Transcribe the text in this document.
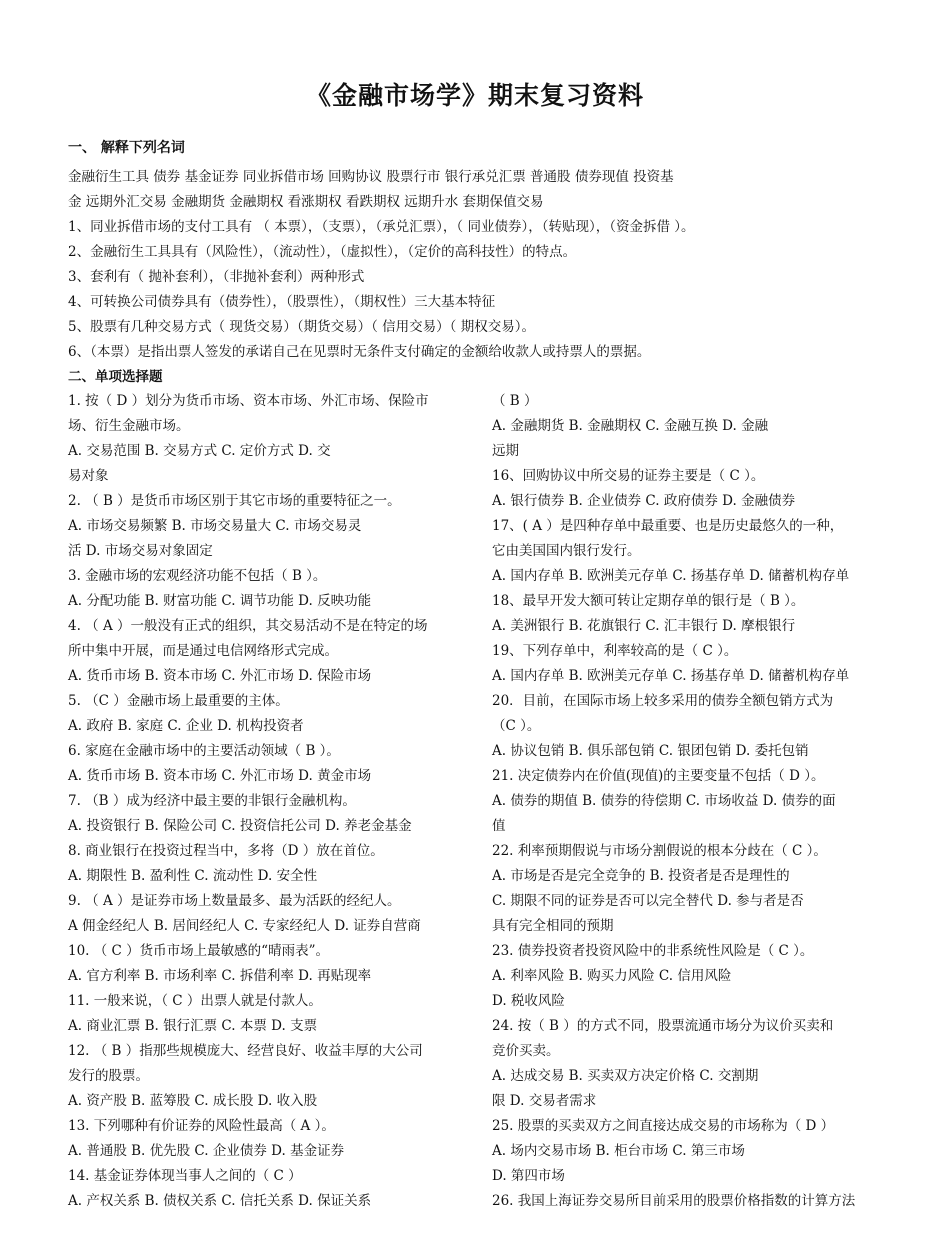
《金融市场学》期末复习资料
一、 解释下列名词
金融衍生工具 债券 基金证券 同业拆借市场 回购协议 股票行市 银行承兑汇票 普通股 债券现值 投资基
金 远期外汇交易 金融期货 金融期权 看涨期权 看跌期权 远期升水 套期保值交易
1、同业拆借市场的支付工具有 （ 本票），（支票），（承兑汇票），（ 同业债券），（转贴现），（资金拆借 ）。
2、金融衍生工具具有（风险性），（流动性），（虚拟性），（定价的高科技性）的特点。
3、套利有（ 抛补套利），（非抛补套利）两种形式
4、可转换公司债券具有（债券性），（股票性），（期权性）三大基本特征
5、股票有几种交易方式（ 现货交易）（期货交易）（ 信用交易）（ 期权交易）。
6、（本票）是指出票人签发的承诺自己在见票时无条件支付确定的金额给收款人或持票人的票据。
二、单项选择题
1. 按（ D ）划分为货币市场、资本市场、外汇市场、保险市
场、衍生金融市场。
A. 交易范围 B. 交易方式 C. 定价方式 D. 交
易对象
2. （ B ）是货币市场区别于其它市场的重要特征之一。
A. 市场交易频繁 B. 市场交易量大 C. 市场交易灵
活 D. 市场交易对象固定
3. 金融市场的宏观经济功能不包括（ B ）。
A. 分配功能 B. 财富功能 C. 调节功能 D. 反映功能
4. （ A ）一般没有正式的组织，其交易活动不是在特定的场
所中集中开展，而是通过电信网络形式完成。
A. 货币市场 B. 资本市场 C. 外汇市场 D. 保险市场
5. （C ）金融市场上最重要的主体。
A. 政府 B. 家庭 C. 企业 D. 机构投资者
6. 家庭在金融市场中的主要活动领域（ B ）。
A. 货币市场 B. 资本市场 C. 外汇市场 D. 黄金市场
7. （B ）成为经济中最主要的非银行金融机构。
A. 投资银行 B. 保险公司 C. 投资信托公司 D. 养老金基金
8. 商业银行在投资过程当中，多将（D ）放在首位。
A. 期限性 B. 盈利性 C. 流动性 D. 安全性
9. （ A ）是证券市场上数量最多、最为活跃的经纪人。
A 佣金经纪人 B. 居间经纪人 C. 专家经纪人 D. 证券自营商
10. （ C ）货币市场上最敏感的“晴雨表”。
A. 官方利率 B. 市场利率 C. 拆借利率 D. 再贴现率
11. 一般来说，（ C ）出票人就是付款人。
A. 商业汇票 B. 银行汇票 C. 本票 D. 支票
12. （ B ）指那些规模庞大、经营良好、收益丰厚的大公司
发行的股票。
A. 资产股 B. 蓝筹股 C. 成长股 D. 收入股
13. 下列哪种有价证券的风险性最高（ A ）。
A. 普通股 B. 优先股 C. 企业债券 D. 基金证券
14. 基金证券体现当事人之间的（ C ）
A. 产权关系 B. 债权关系 C. 信托关系 D. 保证关系
（ B ）
A. 金融期货 B. 金融期权 C. 金融互换 D. 金融
远期
16、回购协议中所交易的证券主要是（ C ）。
A. 银行债券 B. 企业债券 C. 政府债券 D. 金融债券
17、( A ）是四种存单中最重要、也是历史最悠久的一种，
它由美国国内银行发行。
A. 国内存单 B. 欧洲美元存单 C. 扬基存单 D. 储蓄机构存单
18、最早开发大额可转让定期存单的银行是（ B ）。
A. 美洲银行 B. 花旗银行 C. 汇丰银行 D. 摩根银行
19、下列存单中，利率较高的是（ C ）。
A. 国内存单 B. 欧洲美元存单 C. 扬基存单 D. 储蓄机构存单
20．目前，在国际市场上较多采用的债券全额包销方式为
（C ）。
A. 协议包销 B. 俱乐部包销 C. 银团包销 D. 委托包销
21. 决定债券内在价值(现值)的主要变量不包括（ D ）。
A. 债券的期值 B. 债券的待偿期 C. 市场收益 D. 债券的面
值
22. 利率预期假说与市场分割假说的根本分歧在（ C ）。
A. 市场是否是完全竞争的 B. 投资者是否是理性的
C. 期限不同的证券是否可以完全替代 D. 参与者是否
具有完全相同的预期
23. 债券投资者投资风险中的非系统性风险是（ C ）。
A. 利率风险 B. 购买力风险 C. 信用风险
D. 税收风险
24. 按（ B ）的方式不同，股票流通市场分为议价买卖和
竞价买卖。
A. 达成交易 B. 买卖双方决定价格 C. 交割期
限 D. 交易者需求
25. 股票的买卖双方之间直接达成交易的市场称为（ D ）
A. 场内交易市场 B. 柜台市场 C. 第三市场
D. 第四市场
26. 我国上海证券交易所目前采用的股票价格指数的计算方法
